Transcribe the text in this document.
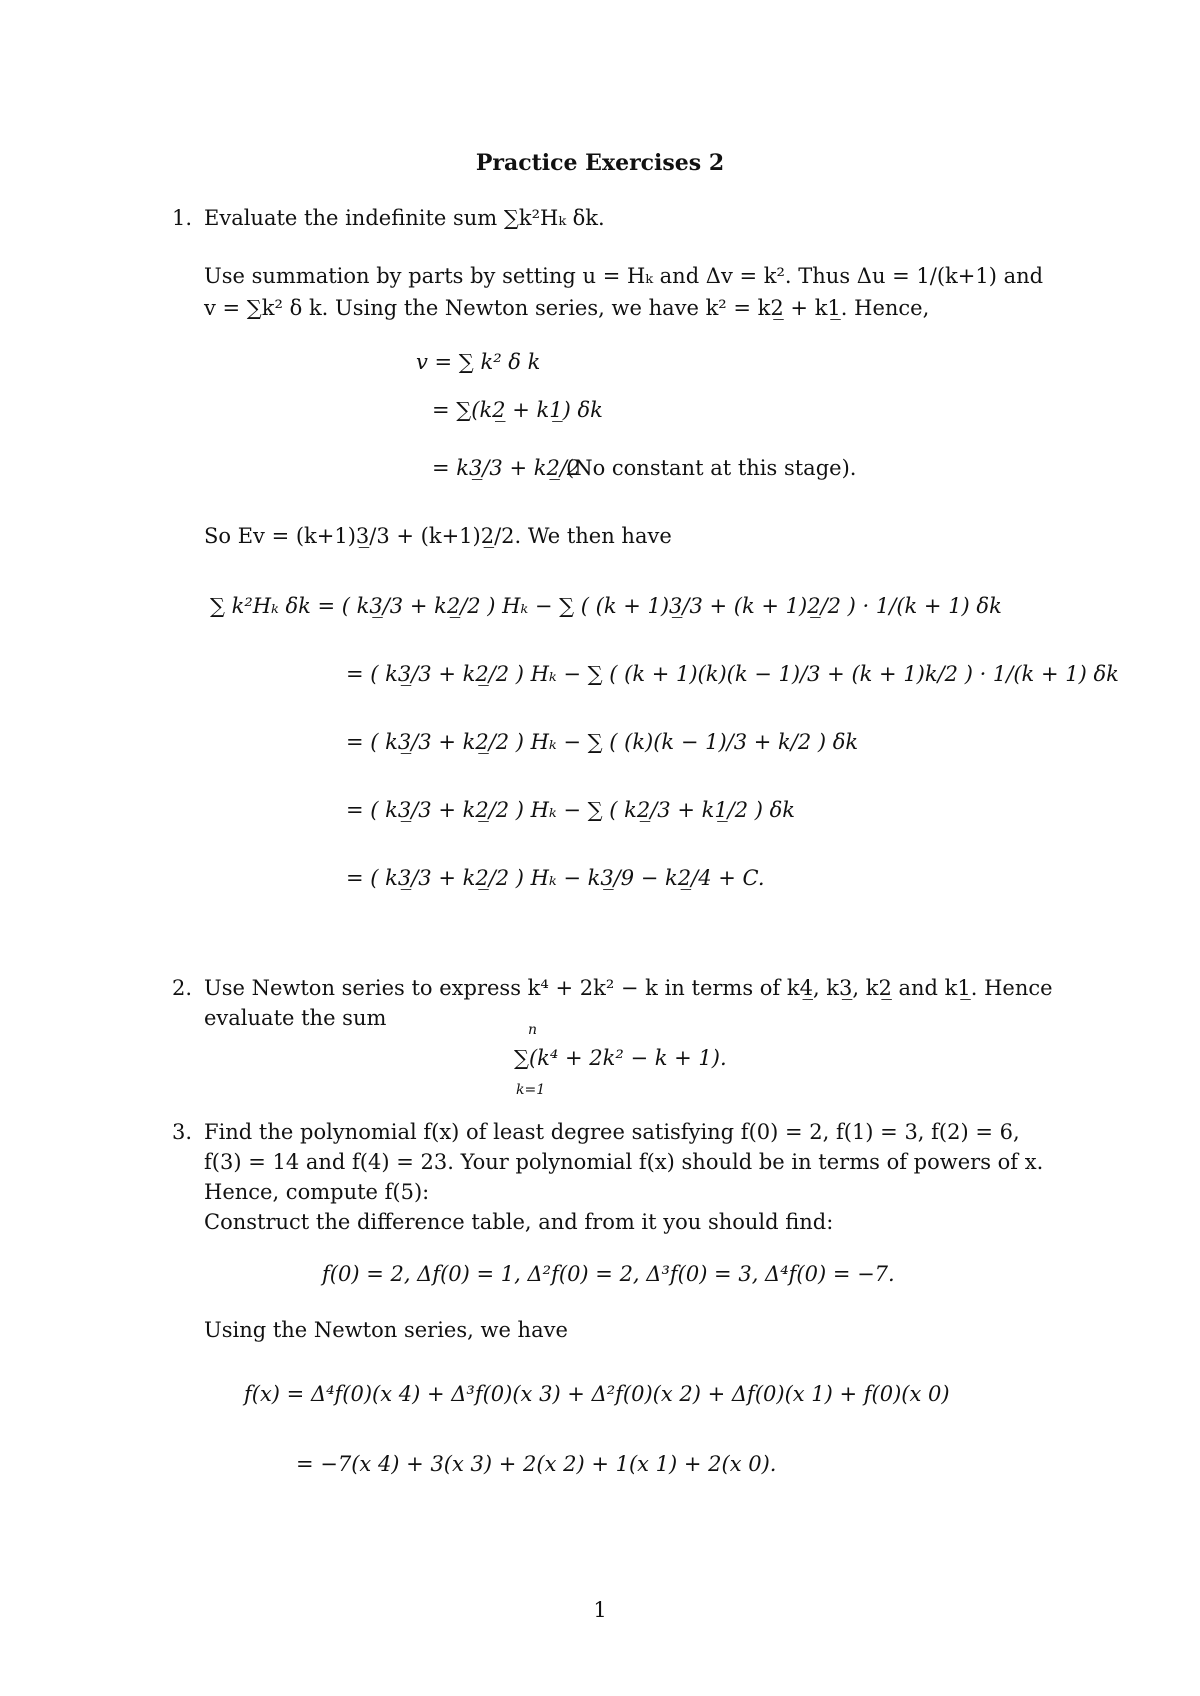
Practice Exercises 2
1. Evaluate the indefinite sum ∑k²Hₖ δk.
Use summation by parts by setting u = Hₖ and Δv = k². Thus Δu = 1/(k+1) and
v = ∑k² δ k. Using the Newton series, we have k² = k2̲ + k1̲. Hence,
v = ∑ k² δ k
= ∑(k2̲ + k1̲) δk
= k3̲/3 + k2̲/2
(No constant at this stage).
So Ev = (k+1)3̲/3 + (k+1)2̲/2. We then have
∑ k²Hₖ δk = ( k3̲/3 + k2̲/2 ) Hₖ − ∑ ( (k + 1)3̲/3 + (k + 1)2̲/2 ) · 1/(k + 1) δk
= ( k3̲/3 + k2̲/2 ) Hₖ − ∑ ( (k + 1)(k)(k − 1)/3 + (k + 1)k/2 ) · 1/(k + 1) δk
= ( k3̲/3 + k2̲/2 ) Hₖ − ∑ ( (k)(k − 1)/3 + k/2 ) δk
= ( k3̲/3 + k2̲/2 ) Hₖ − ∑ ( k2̲/3 + k1̲/2 ) δk
= ( k3̲/3 + k2̲/2 ) Hₖ − k3̲/9 − k2̲/4 + C.
2. Use Newton series to express k⁴ + 2k² − k in terms of k4̲, k3̲, k2̲ and k1̲. Hence
evaluate the sum	n
k=1
∑(k⁴ + 2k² − k + 1).
3. Find the polynomial f(x) of least degree satisfying f(0) = 2, f(1) = 3, f(2) = 6,
f(3) = 14 and f(4) = 23. Your polynomial f(x) should be in terms of powers of x.
Hence, compute f(5):
Construct the difference table, and from it you should find:
f(0) = 2, Δf(0) = 1, Δ²f(0) = 2, Δ³f(0) = 3, Δ⁴f(0) = −7.
Using the Newton series, we have
f(x) = Δ⁴f(0)(x 4) + Δ³f(0)(x 3) + Δ²f(0)(x 2) + Δf(0)(x 1) + f(0)(x 0)
= −7(x 4) + 3(x 3) + 2(x 2) + 1(x 1) + 2(x 0).
1
